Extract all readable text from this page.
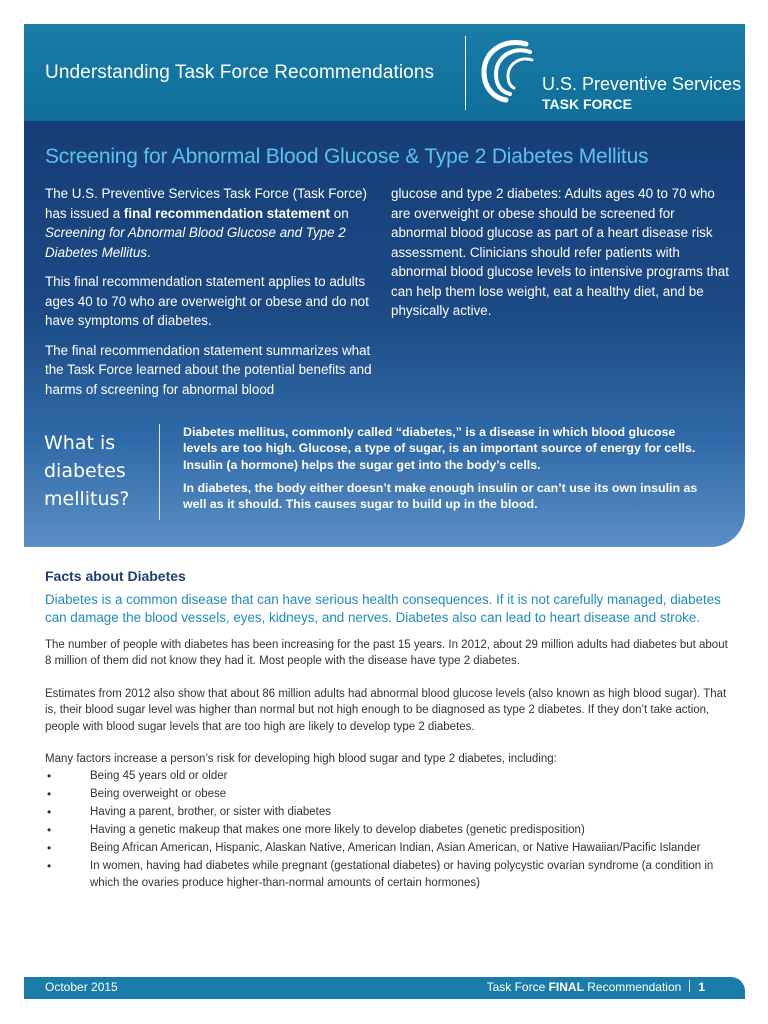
Understanding Task Force Recommendations
U.S. Preventive Services
TASK FORCE
Screening for Abnormal Blood Glucose & Type 2 Diabetes Mellitus

The U.S. Preventive Services Task Force (Task Force) has issued a final recommendation statement on Screening for Abnormal Blood Glucose and Type 2 Diabetes Mellitus.

This final recommendation statement applies to adults ages 40 to 70 who are overweight or obese and do not have symptoms of diabetes.

The final recommendation statement summarizes what the Task Force learned about the potential benefits and harms of screening for abnormal blood

glucose and type 2 diabetes: Adults ages 40 to 70 who are overweight or obese should be screened for abnormal blood glucose as part of a heart disease risk assessment. Clinicians should refer patients with abnormal blood glucose levels to intensive programs that can help them lose weight, eat a healthy diet, and be physically active.

What is diabetes mellitus?

Diabetes mellitus, commonly called “diabetes,” is a disease in which blood glucose levels are too high. Glucose, a type of sugar, is an important source of energy for cells. Insulin (a hormone) helps the sugar get into the body’s cells.

In diabetes, the body either doesn’t make enough insulin or can’t use its own insulin as well as it should. This causes sugar to build up in the blood.

Facts about Diabetes
Diabetes is a common disease that can have serious health consequences. If it is not carefully managed, diabetes can damage the blood vessels, eyes, kidneys, and nerves. Diabetes also can lead to heart disease and stroke.
The number of people with diabetes has been increasing for the past 15 years. In 2012, about 29 million adults had diabetes but about 8 million of them did not know they had it. Most people with the disease have type 2 diabetes.
Estimates from 2012 also show that about 86 million adults had abnormal blood glucose levels (also known as high blood sugar). That is, their blood sugar level was higher than normal but not high enough to be diagnosed as type 2 diabetes. If they don’t take action, people with blood sugar levels that are too high are likely to develop type 2 diabetes.
Many factors increase a person’s risk for developing high blood sugar and type 2 diabetes, including:
•	Being 45 years old or older
•	Being overweight or obese
•	Having a parent, brother, or sister with diabetes
•	Having a genetic makeup that makes one more likely to develop diabetes (genetic predisposition)
•	Being African American, Hispanic, Alaskan Native, American Indian, Asian American, or Native Hawaiian/Pacific Islander
•	In women, having had diabetes while pregnant (gestational diabetes) or having polycystic ovarian syndrome (a condition in which the ovaries produce higher-than-normal amounts of certain hormones)
October 2015	Task Force FINAL Recommendation 1
